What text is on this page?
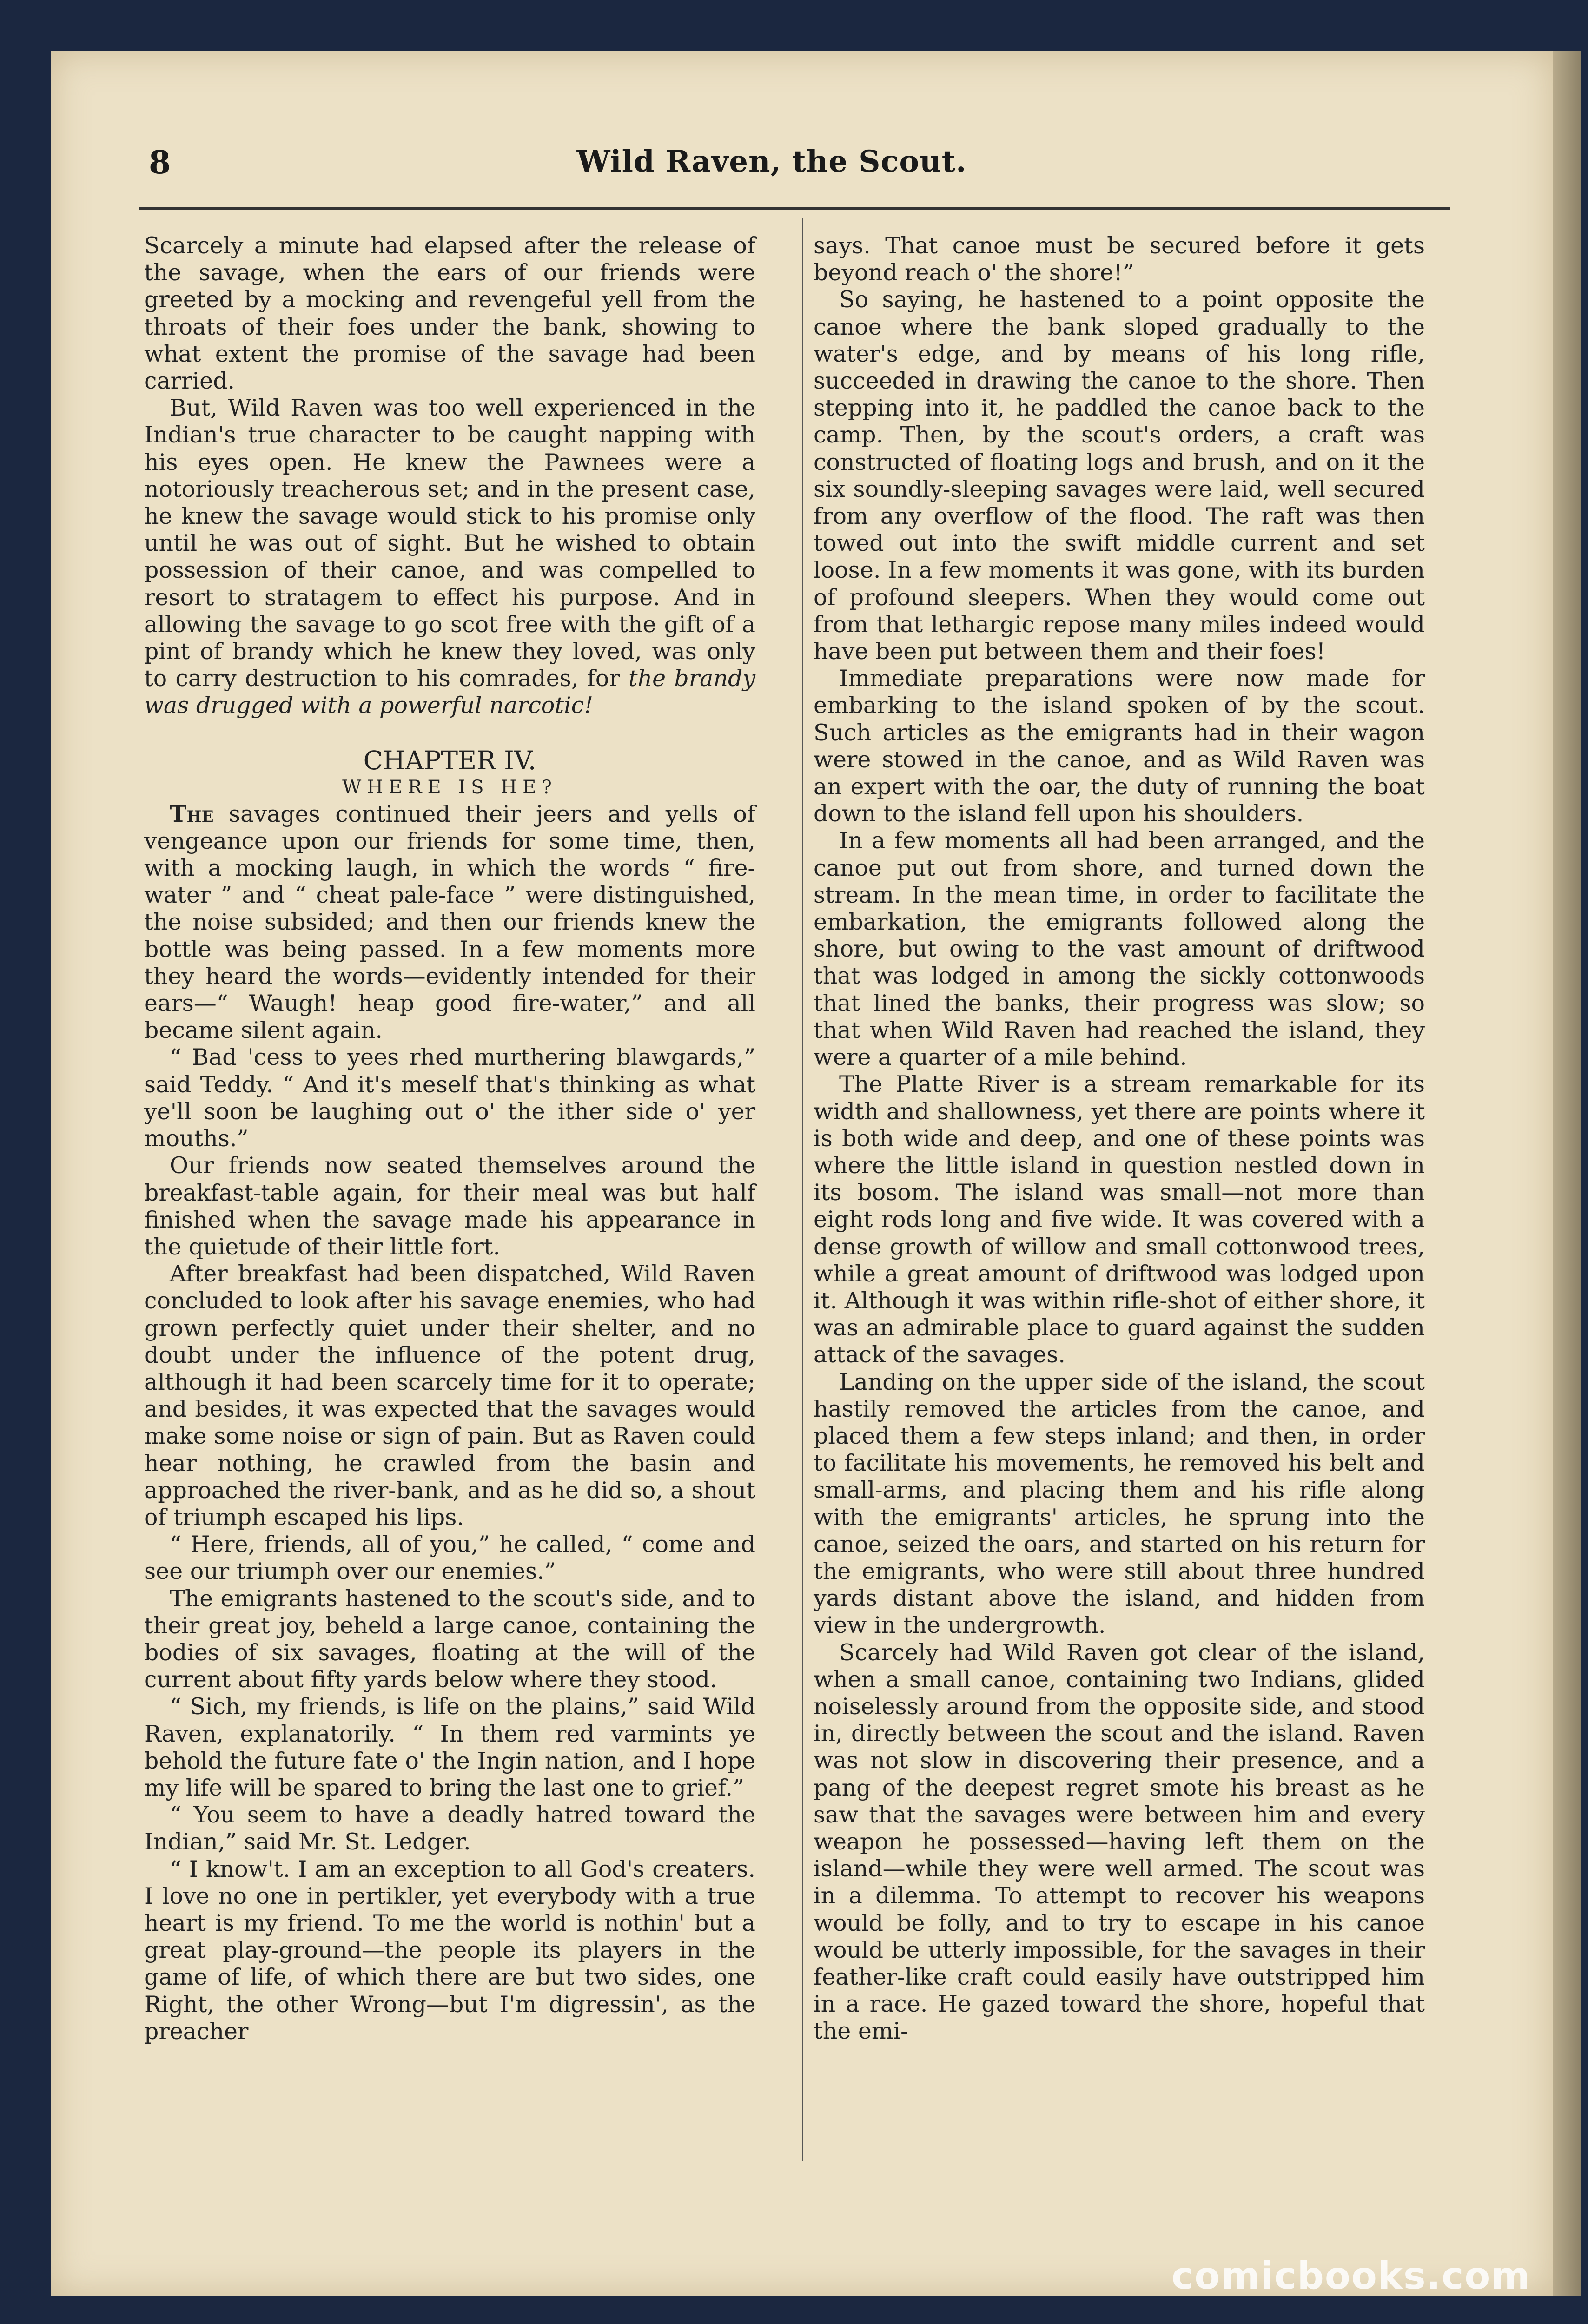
8	Wild Raven, the Scout.

Scarcely a minute had elapsed after the release of the savage, when the ears of our friends were greeted by a mocking and revengeful yell from the throats of their foes under the bank, showing to what extent the promise of the savage had been carried.

But, Wild Raven was too well experienced in the Indian's true character to be caught napping with his eyes open. He knew the Pawnees were a notoriously treacherous set; and in the present case, he knew the savage would stick to his promise only until he was out of sight. But he wished to obtain possession of their canoe, and was compelled to resort to stratagem to effect his purpose. And in allowing the savage to go scot free with the gift of a pint of brandy which he knew they loved, was only to carry destruction to his comrades, for the brandy was drugged with a powerful narcotic!

CHAPTER IV.
WHERE IS HE?

The savages continued their jeers and yells of vengeance upon our friends for some time, then, with a mocking laugh, in which the words “ fire-water ” and “ cheat pale-face ” were distinguished, the noise subsided; and then our friends knew the bottle was being passed. In a few moments more they heard the words—evidently intended for their ears—“ Waugh! heap good fire-water,” and all became silent again.

“ Bad 'cess to yees rhed murthering blawgards,” said Teddy. “ And it's meself that's thinking as what ye'll soon be laughing out o' the ither side o' yer mouths.”

Our friends now seated themselves around the breakfast-table again, for their meal was but half finished when the savage made his appearance in the quietude of their little fort.

After breakfast had been dispatched, Wild Raven concluded to look after his savage enemies, who had grown perfectly quiet under their shelter, and no doubt under the influence of the potent drug, although it had been scarcely time for it to operate; and besides, it was expected that the savages would make some noise or sign of pain. But as Raven could hear nothing, he crawled from the basin and approached the river-bank, and as he did so, a shout of triumph escaped his lips.

“ Here, friends, all of you,” he called, “ come and see our triumph over our enemies.”

The emigrants hastened to the scout's side, and to their great joy, beheld a large canoe, containing the bodies of six savages, floating at the will of the current about fifty yards below where they stood.

“ Sich, my friends, is life on the plains,” said Wild Raven, explanatorily. “ In them red varmints ye behold the future fate o' the Ingin nation, and I hope my life will be spared to bring the last one to grief.”

“ You seem to have a deadly hatred toward the Indian,” said Mr. St. Ledger.

“ I know't. I am an exception to all God's creaters. I love no one in pertikler, yet everybody with a true heart is my friend. To me the world is nothin' but a great play-ground—the people its players in the game of life, of which there are but two sides, one Right, the other Wrong—but I'm digressin', as the preacher

says. That canoe must be secured before it gets beyond reach o' the shore!”

So saying, he hastened to a point opposite the canoe where the bank sloped gradually to the water's edge, and by means of his long rifle, succeeded in drawing the canoe to the shore. Then stepping into it, he paddled the canoe back to the camp. Then, by the scout's orders, a craft was constructed of floating logs and brush, and on it the six soundly-sleeping savages were laid, well secured from any overflow of the flood. The raft was then towed out into the swift middle current and set loose. In a few moments it was gone, with its burden of profound sleepers. When they would come out from that lethargic repose many miles indeed would have been put between them and their foes!

Immediate preparations were now made for embarking to the island spoken of by the scout. Such articles as the emigrants had in their wagon were stowed in the canoe, and as Wild Raven was an expert with the oar, the duty of running the boat down to the island fell upon his shoulders.

In a few moments all had been arranged, and the canoe put out from shore, and turned down the stream. In the mean time, in order to facilitate the embarkation, the emigrants followed along the shore, but owing to the vast amount of driftwood that was lodged in among the sickly cottonwoods that lined the banks, their progress was slow; so that when Wild Raven had reached the island, they were a quarter of a mile behind.

The Platte River is a stream remarkable for its width and shallowness, yet there are points where it is both wide and deep, and one of these points was where the little island in question nestled down in its bosom. The island was small—not more than eight rods long and five wide. It was covered with a dense growth of willow and small cottonwood trees, while a great amount of driftwood was lodged upon it. Although it was within rifle-shot of either shore, it was an admirable place to guard against the sudden attack of the savages.

Landing on the upper side of the island, the scout hastily removed the articles from the canoe, and placed them a few steps inland; and then, in order to facilitate his movements, he removed his belt and small-arms, and placing them and his rifle along with the emigrants' articles, he sprung into the canoe, seized the oars, and started on his return for the emigrants, who were still about three hundred yards distant above the island, and hidden from view in the undergrowth.

Scarcely had Wild Raven got clear of the island, when a small canoe, containing two Indians, glided noiselessly around from the opposite side, and stood in, directly between the scout and the island. Raven was not slow in discovering their presence, and a pang of the deepest regret smote his breast as he saw that the savages were between him and every weapon he possessed—having left them on the island—while they were well armed. The scout was in a dilemma. To attempt to recover his weapons would be folly, and to try to escape in his canoe would be utterly impossible, for the savages in their feather-like craft could easily have outstripped him in a race. He gazed toward the shore, hopeful that the emi-

comicbooks.com
